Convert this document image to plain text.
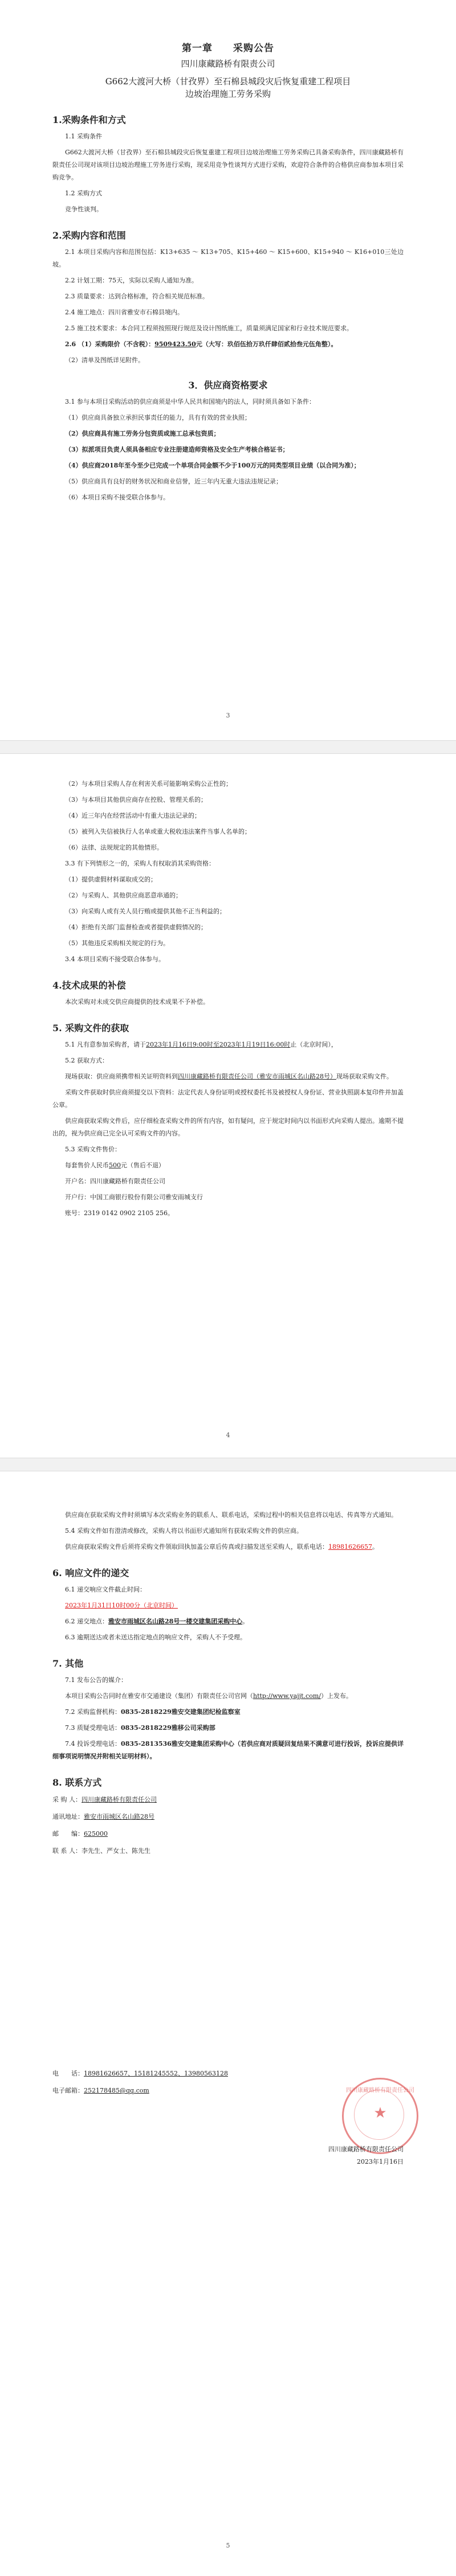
第一章　　采购公告
四川康藏路桥有限责公司
G662大渡河大桥（甘孜界）至石棉县城段灾后恢复重建工程项目
边坡治理施工劳务采购
1.采购条件和方式
1.1 采购条件
G662大渡河大桥（甘孜界）至石棉县城段灾后恢复重建工程项目边坡治理施工劳务采购已具备采购条件，四川康藏路桥有限责任公司现对该项目边坡治理施工劳务进行采购，现采用竞争性谈判方式进行采购，欢迎符合条件的合格供应商参加本项目采购竞争。
1.2 采购方式
竞争性谈判。
2.采购内容和范围
2.1 本项目采购内容和范围包括：K13+635 ～ K13+705、K15+460 ～ K15+600、K15+940 ～ K16+010三处边坡。
2.2 计划工期：75天，实际以采购人通知为准。
2.3 质量要求：达到合格标准，符合相关规范标准。
2.4 施工地点：四川省雅安市石棉县境内。
2.5 施工技术要求：本合同工程须按照现行规范及设计图纸施工，质量须满足国家和行业技术规范要求。
2.6 （1）采购限价（不含税）：9509423.50元（大写：玖佰伍拾万玖仟肆佰贰拾叁元伍角整）。
（2）清单及图纸详见附件。
3．供应商资格要求
3.1 参与本项目采购活动的供应商须是中华人民共和国境内的法人，同时须具备如下条件：
（1）供应商具备独立承担民事责任的能力，具有有效的营业执照；
（2）供应商具有施工劳务分包资质或施工总承包资质；
（3）拟派项目负责人须具备相应专业注册建造师资格及安全生产考核合格证书；
（4）供应商2018年至今至少已完成一个单项合同金额不少于100万元的同类型项目业绩（以合同为准）；
（5）供应商具有良好的财务状况和商业信誉，近三年内无重大违法违规记录；
（6）本项目采购不接受联合体参与。
3
（2）与本项目采购人存在利害关系可能影响采购公正性的；
（3）与本项目其他供应商存在控股、管理关系的；
（4）近三年内在经营活动中有重大违法记录的；
（5）被列入失信被执行人名单或重大税收违法案件当事人名单的；
（6）法律、法规规定的其他情形。
3.3 有下列情形之一的，采购人有权取消其采购资格：
（1）提供虚假材料谋取成交的；
（2）与采购人、其他供应商恶意串通的；
（3）向采购人或有关人员行贿或提供其他不正当利益的；
（4）拒绝有关部门监督检查或者提供虚假情况的；
（5）其他违反采购相关规定的行为。
3.4 本项目采购不接受联合体参与。
4.技术成果的补偿
本次采购对未成交供应商提供的技术成果不予补偿。
5. 采购文件的获取
5.1 凡有意参加采购者，请于2023年1月16日9:00时至2023年1月19日16:00时止（北京时间），
5.2 获取方式：
现场获取：供应商须携带相关证明资料到四川康藏路桥有限责任公司（雅安市雨城区名山路28号）现场获取采购文件。
采购文件获取时供应商须提交以下资料：法定代表人身份证明或授权委托书及被授权人身份证、营业执照副本复印件并加盖公章。
供应商获取采购文件后，应仔细检查采购文件的所有内容，如有疑问，应于规定时间内以书面形式向采购人提出。逾期不提出的，视为供应商已完全认可采购文件的内容。
5.3 采购文件售价：
每套售价人民币500元（售后不退）
开户名：四川康藏路桥有限责任公司
开户行：中国工商银行股份有限公司雅安雨城支行
账号：2319 0142 0902 2105 256。
4
供应商在获取采购文件时须填写本次采购业务的联系人、联系电话，采购过程中的相关信息将以电话、传真等方式通知。
5.4 采购文件如有澄清或修改，采购人将以书面形式通知所有获取采购文件的供应商。
供应商获取采购文件后须将采购文件领取回执加盖公章后传真或扫描发送至采购人，联系电话：18981626657。
6. 响应文件的递交
6.1 递交响应文件截止时间：
2023年1月31日10时00分（北京时间）
6.2 递交地点：雅安市雨城区名山路28号一楼交建集团采购中心。
6.3 逾期送达或者未送达指定地点的响应文件，采购人不予受理。
7. 其他
7.1 发布公告的媒介：
本项目采购公告同时在雅安市交通建设（集团）有限责任公司官网（http://www.yajjt.com/）上发布。
7.2 采购监督机构：0835-2818229雅安交建集团纪检监察室
7.3 质疑受理电话：0835-2818229雅移公司采购部
7.4 投诉受理电话：0835-2813536雅安交建集团采购中心（若供应商对质疑回复结果不满意可进行投诉，投诉应提供详细事项说明情况并附相关证明材料）。
8. 联系方式
采 购 人：四川康藏路桥有限责任公司
通讯地址：雅安市雨城区名山路28号
邮　　编：625000
联 系 人：李先生、严女士、陈先生
电　　话：18981626657、15181245552、13980563128
电子邮箱：252178485@qq.com	四川康藏路桥有限责任公司
★
四川康藏路桥有限责任公司
2023年1月16日
5
